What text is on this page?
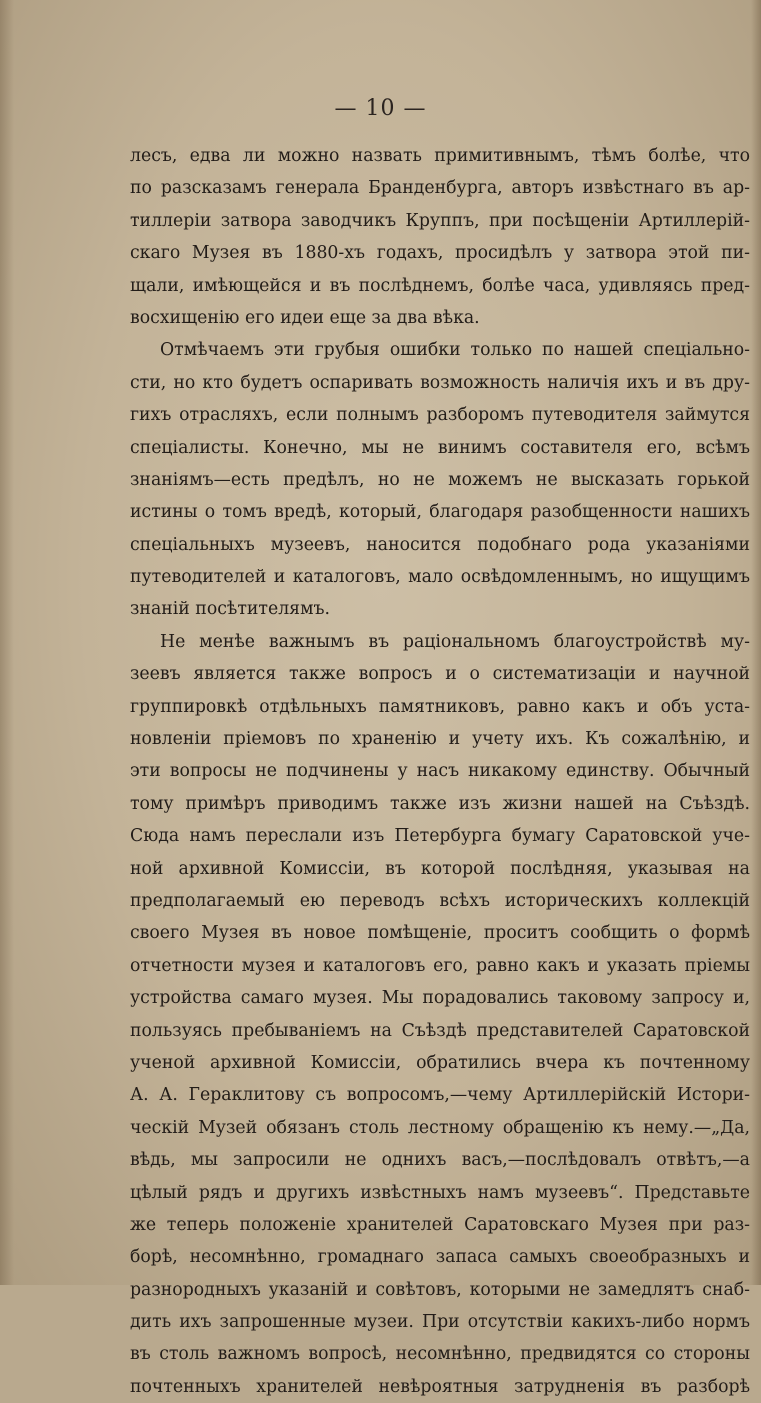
— 10 —
лесъ, едва ли можно назвать примитивнымъ, тѣмъ болѣе, что
по разсказамъ генерала Бранденбурга, авторъ извѣстнаго въ ар-
тиллеріи затвора заводчикъ Круппъ, при посѣщеніи Артиллерій-
скаго Музея въ 1880-хъ годахъ, просидѣлъ у затвора этой пи-
щали, имѣющейся и въ послѣднемъ, болѣе часа, удивляясь пред-
восхищенію его идеи еще за два вѣка.
Отмѣчаемъ эти грубыя ошибки только по нашей спеціально-
сти, но кто будетъ оспаривать возможность наличія ихъ и въ дру-
гихъ отрасляхъ, если полнымъ разборомъ путеводителя займутся
спеціалисты. Конечно, мы не винимъ составителя его, всѣмъ
знаніямъ—есть предѣлъ, но не можемъ не высказать горькой
истины о томъ вредѣ, который, благодаря разобщенности нашихъ
спеціальныхъ музеевъ, наносится подобнаго рода указаніями
путеводителей и каталоговъ, мало освѣдомленнымъ, но ищущимъ
знаній посѣтителямъ.
Не менѣе важнымъ въ раціональномъ благоустройствѣ му-
зеевъ является также вопросъ и о систематизаціи и научной
группировкѣ отдѣльныхъ памятниковъ, равно какъ и объ уста-
новленіи пріемовъ по храненію и учету ихъ. Къ сожалѣнію, и
эти вопросы не подчинены у насъ никакому единству. Обычный
тому примѣръ приводимъ также изъ жизни нашей на Съѣздѣ.
Сюда намъ переслали изъ Петербурга бумагу Саратовской уче-
ной архивной Комиссіи, въ которой послѣдняя, указывая на
предполагаемый ею переводъ всѣхъ историческихъ коллекцій
своего Музея въ новое помѣщеніе, проситъ сообщить о формѣ
отчетности музея и каталоговъ его, равно какъ и указать пріемы
устройства самаго музея. Мы порадовались таковому запросу и,
пользуясь пребываніемъ на Съѣздѣ представителей Саратовской
ученой архивной Комиссіи, обратились вчера къ почтенному
А. А. Гераклитову съ вопросомъ,—чему Артиллерійскій Истори-
ческій Музей обязанъ столь лестному обращенію къ нему.—„Да,
вѣдь, мы запросили не однихъ васъ,—послѣдовалъ отвѣтъ,—а
цѣлый рядъ и другихъ извѣстныхъ намъ музеевъ“. Представьте
же теперь положеніе хранителей Саратовскаго Музея при раз-
борѣ, несомнѣнно, громаднаго запаса самыхъ своеобразныхъ и
разнородныхъ указаній и совѣтовъ, которыми не замедлятъ снаб-
дить ихъ запрошенные музеи. При отсутствіи какихъ-либо нормъ
въ столь важномъ вопросѣ, несомнѣнно, предвидятся со стороны
почтенныхъ хранителей невѣроятныя затрудненія въ разборѣ
